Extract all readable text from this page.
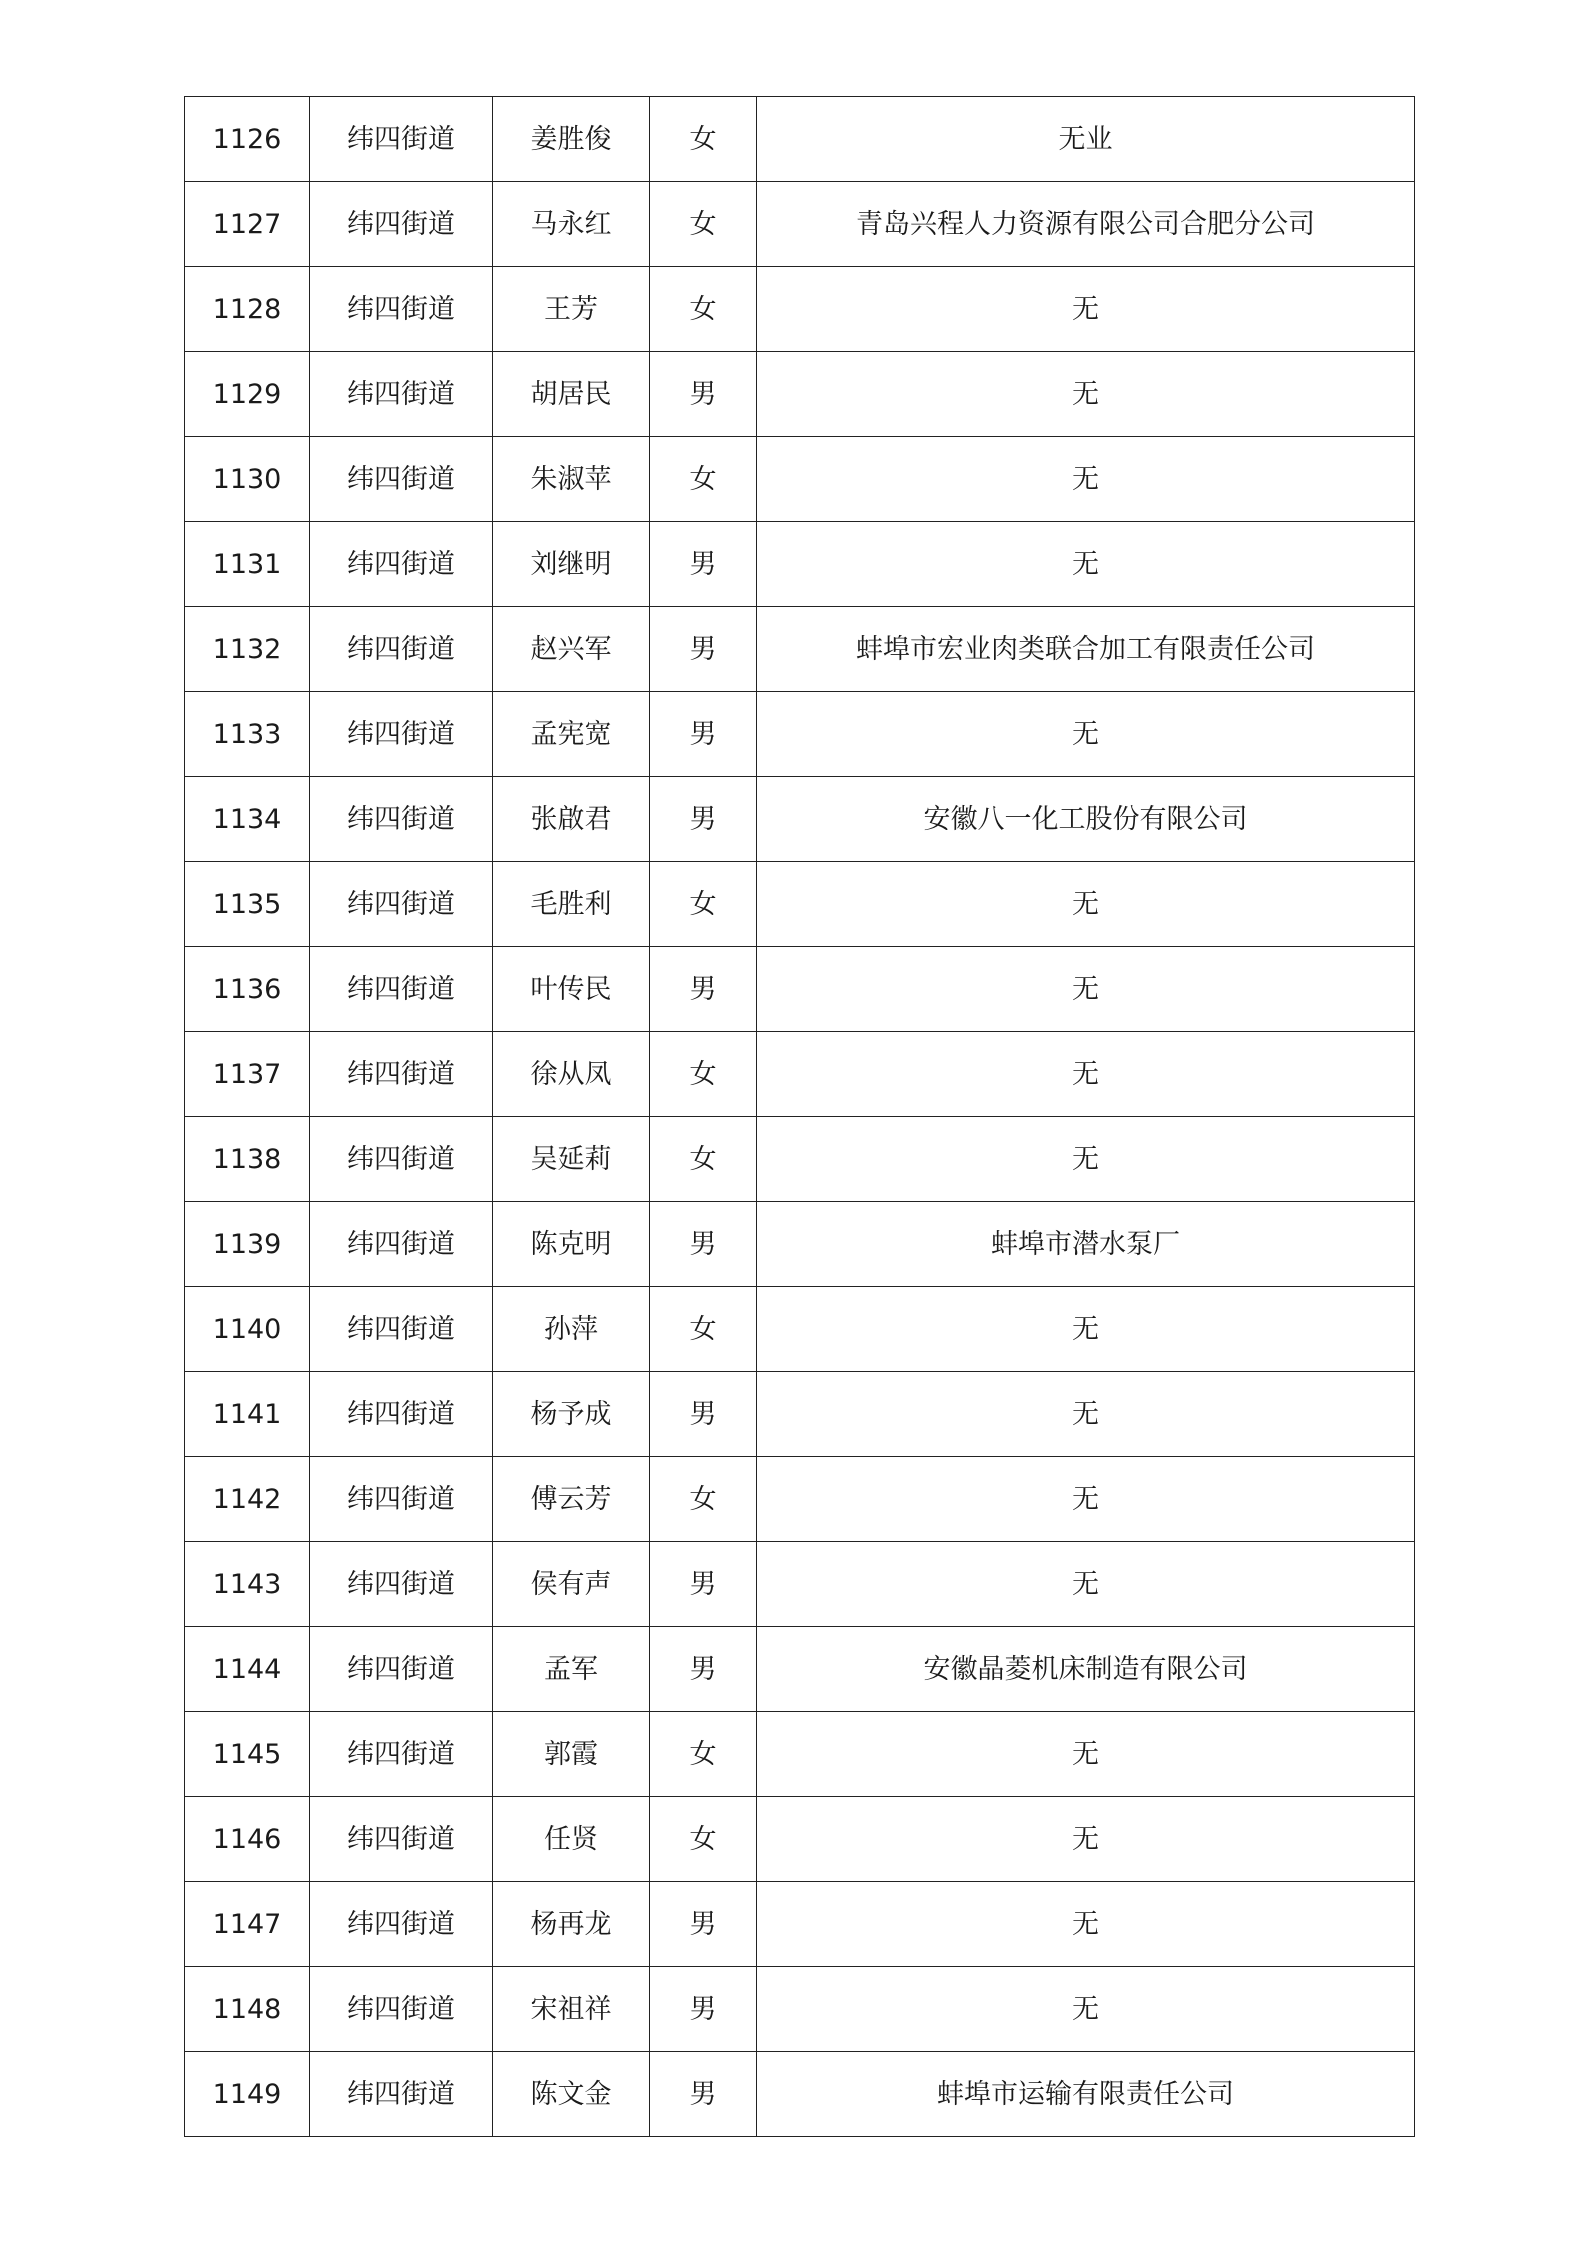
1126	纬四街道	姜胜俊	女	无业
1127	纬四街道	马永红	女	青岛兴程人力资源有限公司合肥分公司
1128	纬四街道	王芳	女	无
1129	纬四街道	胡居民	男	无
1130	纬四街道	朱淑苹	女	无
1131	纬四街道	刘继明	男	无
1132	纬四街道	赵兴军	男	蚌埠市宏业肉类联合加工有限责任公司
1133	纬四街道	孟宪宽	男	无
1134	纬四街道	张啟君	男	安徽八一化工股份有限公司
1135	纬四街道	毛胜利	女	无
1136	纬四街道	叶传民	男	无
1137	纬四街道	徐从凤	女	无
1138	纬四街道	吴延莉	女	无
1139	纬四街道	陈克明	男	蚌埠市潜水泵厂
1140	纬四街道	孙萍	女	无
1141	纬四街道	杨予成	男	无
1142	纬四街道	傅云芳	女	无
1143	纬四街道	侯有声	男	无
1144	纬四街道	孟军	男	安徽晶菱机床制造有限公司
1145	纬四街道	郭霞	女	无
1146	纬四街道	任贤	女	无
1147	纬四街道	杨再龙	男	无
1148	纬四街道	宋祖祥	男	无
1149	纬四街道	陈文金	男	蚌埠市运输有限责任公司
